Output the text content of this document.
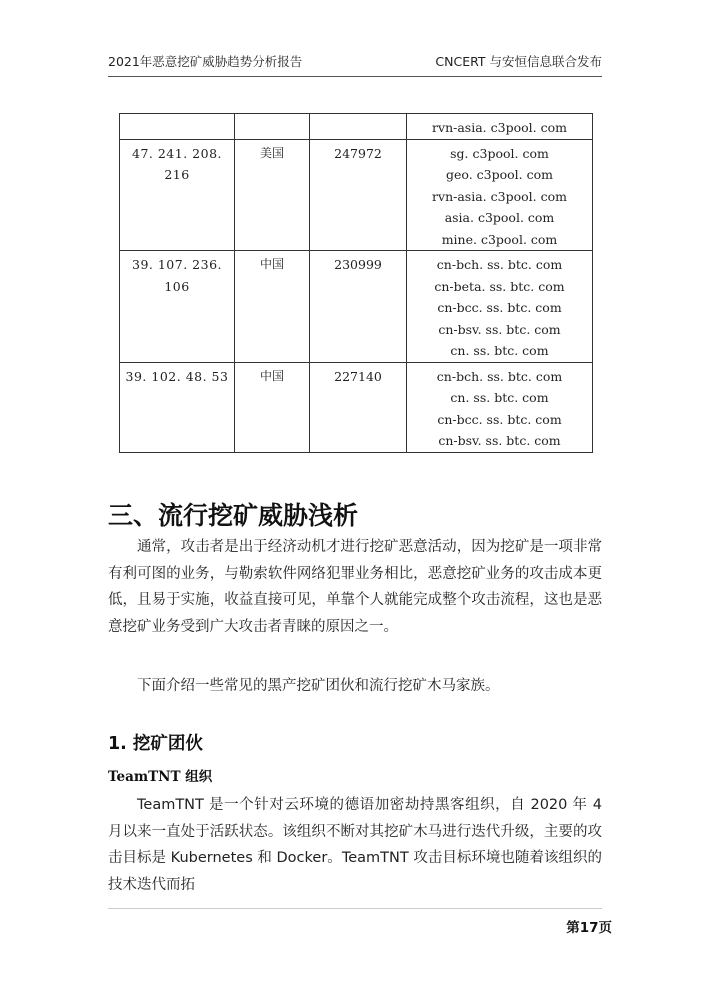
2021年恶意挖矿威胁趋势分析报告	CNCERT 与安恒信息联合发布

			rvn-asia. c3pool. com

47. 241. 208. 216	美国	247972	sg. c3pool. com
geo. c3pool. com
rvn-asia. c3pool. com
asia. c3pool. com
mine. c3pool. com

39. 107. 236. 106	中国	230999	cn-bch. ss. btc. com
cn-beta. ss. btc. com
cn-bcc. ss. btc. com
cn-bsv. ss. btc. com
cn. ss. btc. com

39. 102. 48. 53	中国	227140	cn-bch. ss. btc. com
cn. ss. btc. com
cn-bcc. ss. btc. com
cn-bsv. ss. btc. com
三、流行挖矿威胁浅析

通常，攻击者是出于经济动机才进行挖矿恶意活动，因为挖矿是一项非常有利可图的业务，与勒索软件网络犯罪业务相比，恶意挖矿业务的攻击成本更低，且易于实施，收益直接可见，单靠个人就能完成整个攻击流程，这也是恶意挖矿业务受到广大攻击者青睐的原因之一。

下面介绍一些常见的黑产挖矿团伙和流行挖矿木马家族。

1. 挖矿团伙
TeamTNT 组织

TeamTNT 是一个针对云环境的德语加密劫持黑客组织，自 2020 年 4 月以来一直处于活跃状态。该组织不断对其挖矿木马进行迭代升级，主要的攻击目标是 Kubernetes 和 Docker。TeamTNT 攻击目标环境也随着该组织的技术迭代而拓

第17页
